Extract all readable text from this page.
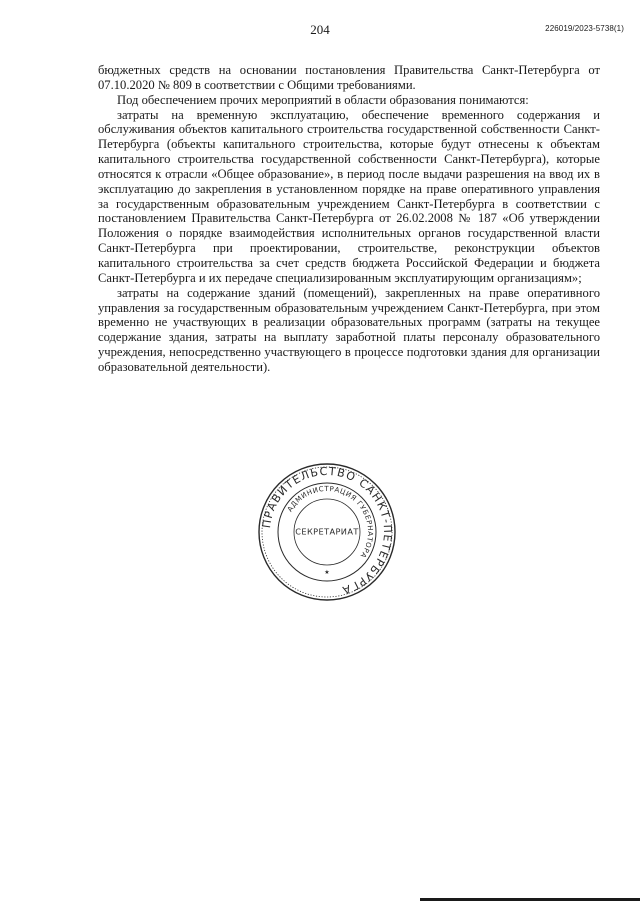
204	226019/2023-5738(1)

бюджетных средств на основании постановления Правительства Санкт-Петербурга от 07.10.2020 № 809 в соответствии с Общими требованиями.

Под обеспечением прочих мероприятий в области образования понимаются:

затраты на временную эксплуатацию, обеспечение временного содержания и обслуживания объектов капитального строительства государственной собственности Санкт-Петербурга (объекты капитального строительства, которые будут отнесены к объектам капитального строительства государственной собственности Санкт-Петербурга), которые относятся к отрасли «Общее образование», в период после выдачи разрешения на ввод их в эксплуатацию до закрепления в установленном порядке на праве оперативного управления за государственным образовательным учреждением Санкт-Петербурга в соответствии с постановлением Правительства Санкт-Петербурга от 26.02.2008 № 187 «Об утверждении Положения о порядке взаимодействия исполнительных органов государственной власти Санкт-Петербурга при проектировании, строительстве, реконструкции объектов капитального строительства за счет средств бюджета Российской Федерации и бюджета Санкт-Петербурга и их передаче специализированным эксплуатирующим организациям»;

затраты на содержание зданий (помещений), закрепленных на праве оперативного управления за государственным образовательным учреждением Санкт-Петербурга, при этом временно не участвующих в реализации образовательных программ (затраты на текущее содержание здания, затраты на выплату заработной платы персоналу образовательного учреждения, непосредственно участвующего в процессе подготовки здания для организации образовательной деятельности).

ПРАВИТЕЛЬСТВО САНКТ-ПЕТЕРБУРГА
АДМИНИСТРАЦИЯ ГУБЕРНАТОРА
СЕКРЕТАРИАТ
★
